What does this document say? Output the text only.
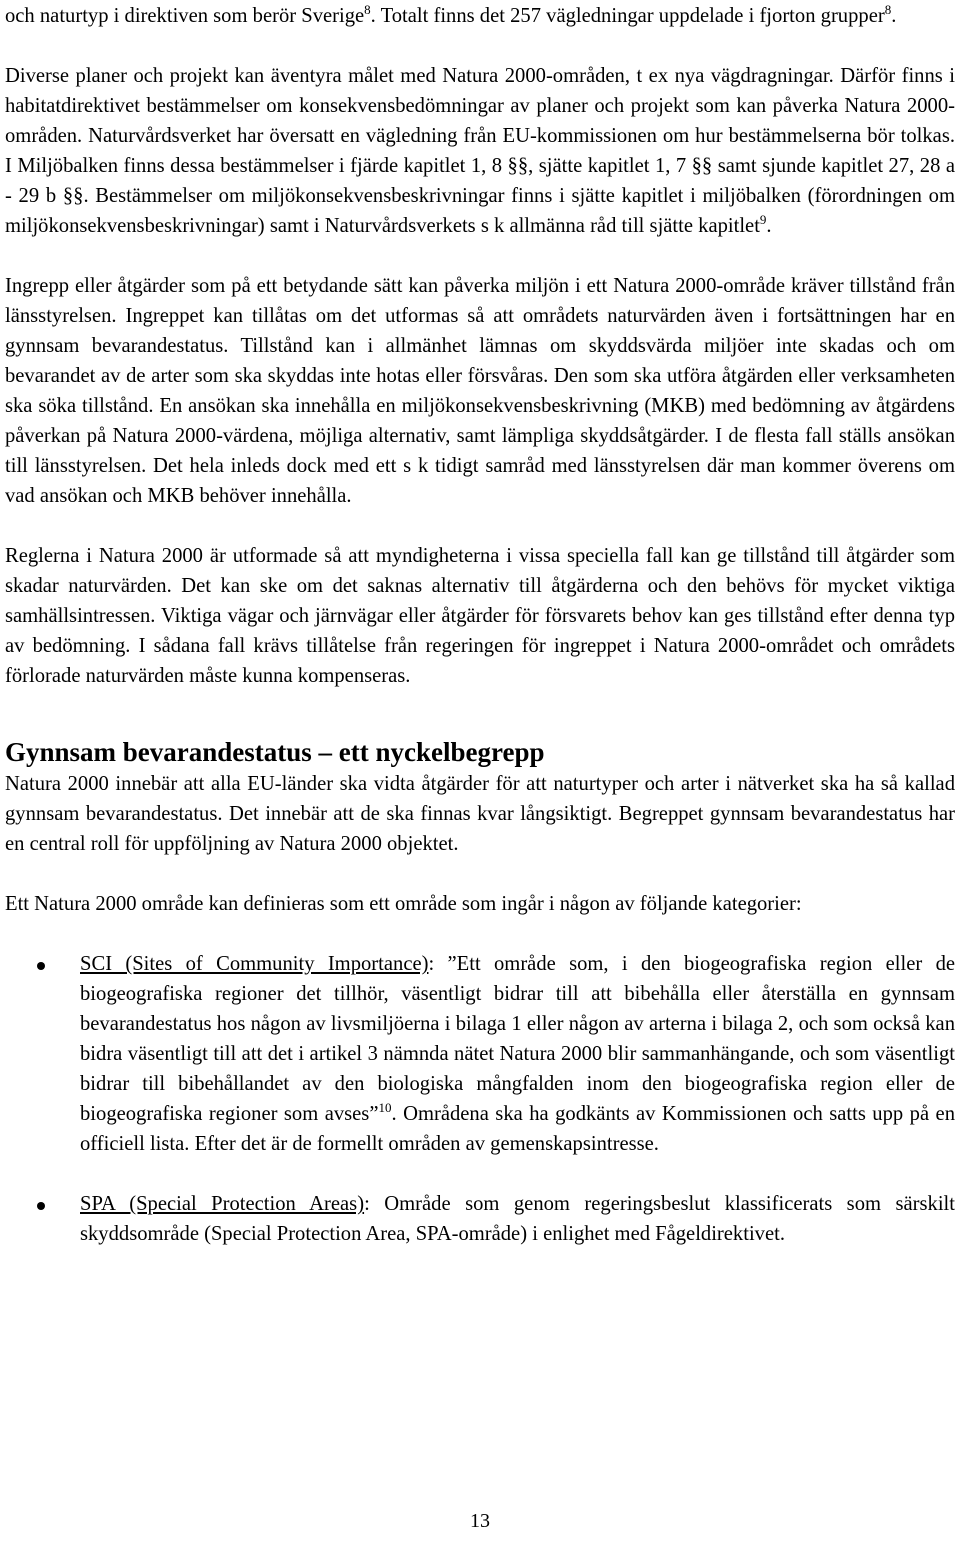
och naturtyp i direktiven som berör Sverige$^8$. Totalt finns det 257 vägledningar uppdelade i fjorton grupper$^8$.

Diverse planer och projekt kan äventyra målet med Natura 2000-områden, t ex nya vägdragningar. Därför finns i habitatdirektivet bestämmelser om konsekvensbedömningar av planer och projekt som kan påverka Natura 2000-områden. Naturvårdsverket har översatt en vägledning från EU-kommissionen om hur bestämmelserna bör tolkas. I Miljöbalken finns dessa bestämmelser i fjärde kapitlet 1, 8 §§, sjätte kapitlet 1, 7 §§ samt sjunde kapitlet 27, 28 a - 29 b §§. Bestämmelser om miljökonsekvensbeskrivningar finns i sjätte kapitlet i miljöbalken (förordningen om miljökonsekvensbeskrivningar) samt i Naturvårdsverkets s k allmänna råd till sjätte kapitlet$^9$.

Ingrepp eller åtgärder som på ett betydande sätt kan påverka miljön i ett Natura 2000-område kräver tillstånd från länsstyrelsen. Ingreppet kan tillåtas om det utformas så att områdets naturvärden även i fortsättningen har en gynnsam bevarandestatus. Tillstånd kan i allmänhet lämnas om skyddsvärda miljöer inte skadas och om bevarandet av de arter som ska skyddas inte hotas eller försvåras. Den som ska utföra åtgärden eller verksamheten ska söka tillstånd. En ansökan ska innehålla en miljökonsekvensbeskrivning (MKB) med bedömning av åtgärdens påverkan på Natura 2000-värdena, möjliga alternativ, samt lämpliga skyddsåtgärder. I de flesta fall ställs ansökan till länsstyrelsen. Det hela inleds dock med ett s k tidigt samråd med länsstyrelsen där man kommer överens om vad ansökan och MKB behöver innehålla.

Reglerna i Natura 2000 är utformade så att myndigheterna i vissa speciella fall kan ge tillstånd till åtgärder som skadar naturvärden. Det kan ske om det saknas alternativ till åtgärderna och den behövs för mycket viktiga samhällsintressen. Viktiga vägar och järnvägar eller åtgärder för försvarets behov kan ges tillstånd efter denna typ av bedömning. I sådana fall krävs tillåtelse från regeringen för ingreppet i Natura 2000-området och områdets förlorade naturvärden måste kunna kompenseras.

Gynnsam bevarandestatus – ett nyckelbegrepp

Natura 2000 innebär att alla EU-länder ska vidta åtgärder för att naturtyper och arter i nätverket ska ha så kallad gynnsam bevarandestatus. Det innebär att de ska finnas kvar långsiktigt. Begreppet gynnsam bevarandestatus har en central roll för uppföljning av Natura 2000 objektet.

Ett Natura 2000 område kan definieras som ett område som ingår i någon av följande kategorier:

SCI (Sites of Community Importance): ”Ett område som, i den biogeografiska region eller de biogeografiska regioner det tillhör, väsentligt bidrar till att bibehålla eller återställa en gynnsam bevarandestatus hos någon av livsmiljöerna i bilaga 1 eller någon av arterna i bilaga 2, och som också kan bidra väsentligt till att det i artikel 3 nämnda nätet Natura 2000 blir sammanhängande, och som väsentligt bidrar till bibehållandet av den biologiska mångfalden inom den biogeografiska region eller de biogeografiska regioner som avses”$^{10}$. Områdena ska ha godkänts av Kommissionen och satts upp på en officiell lista. Efter det är de formellt områden av gemenskapsintresse.
SPA (Special Protection Areas): Område som genom regeringsbeslut klassificerats som särskilt skyddsområde (Special Protection Area, SPA-område) i enlighet med Fågeldirektivet.
13
